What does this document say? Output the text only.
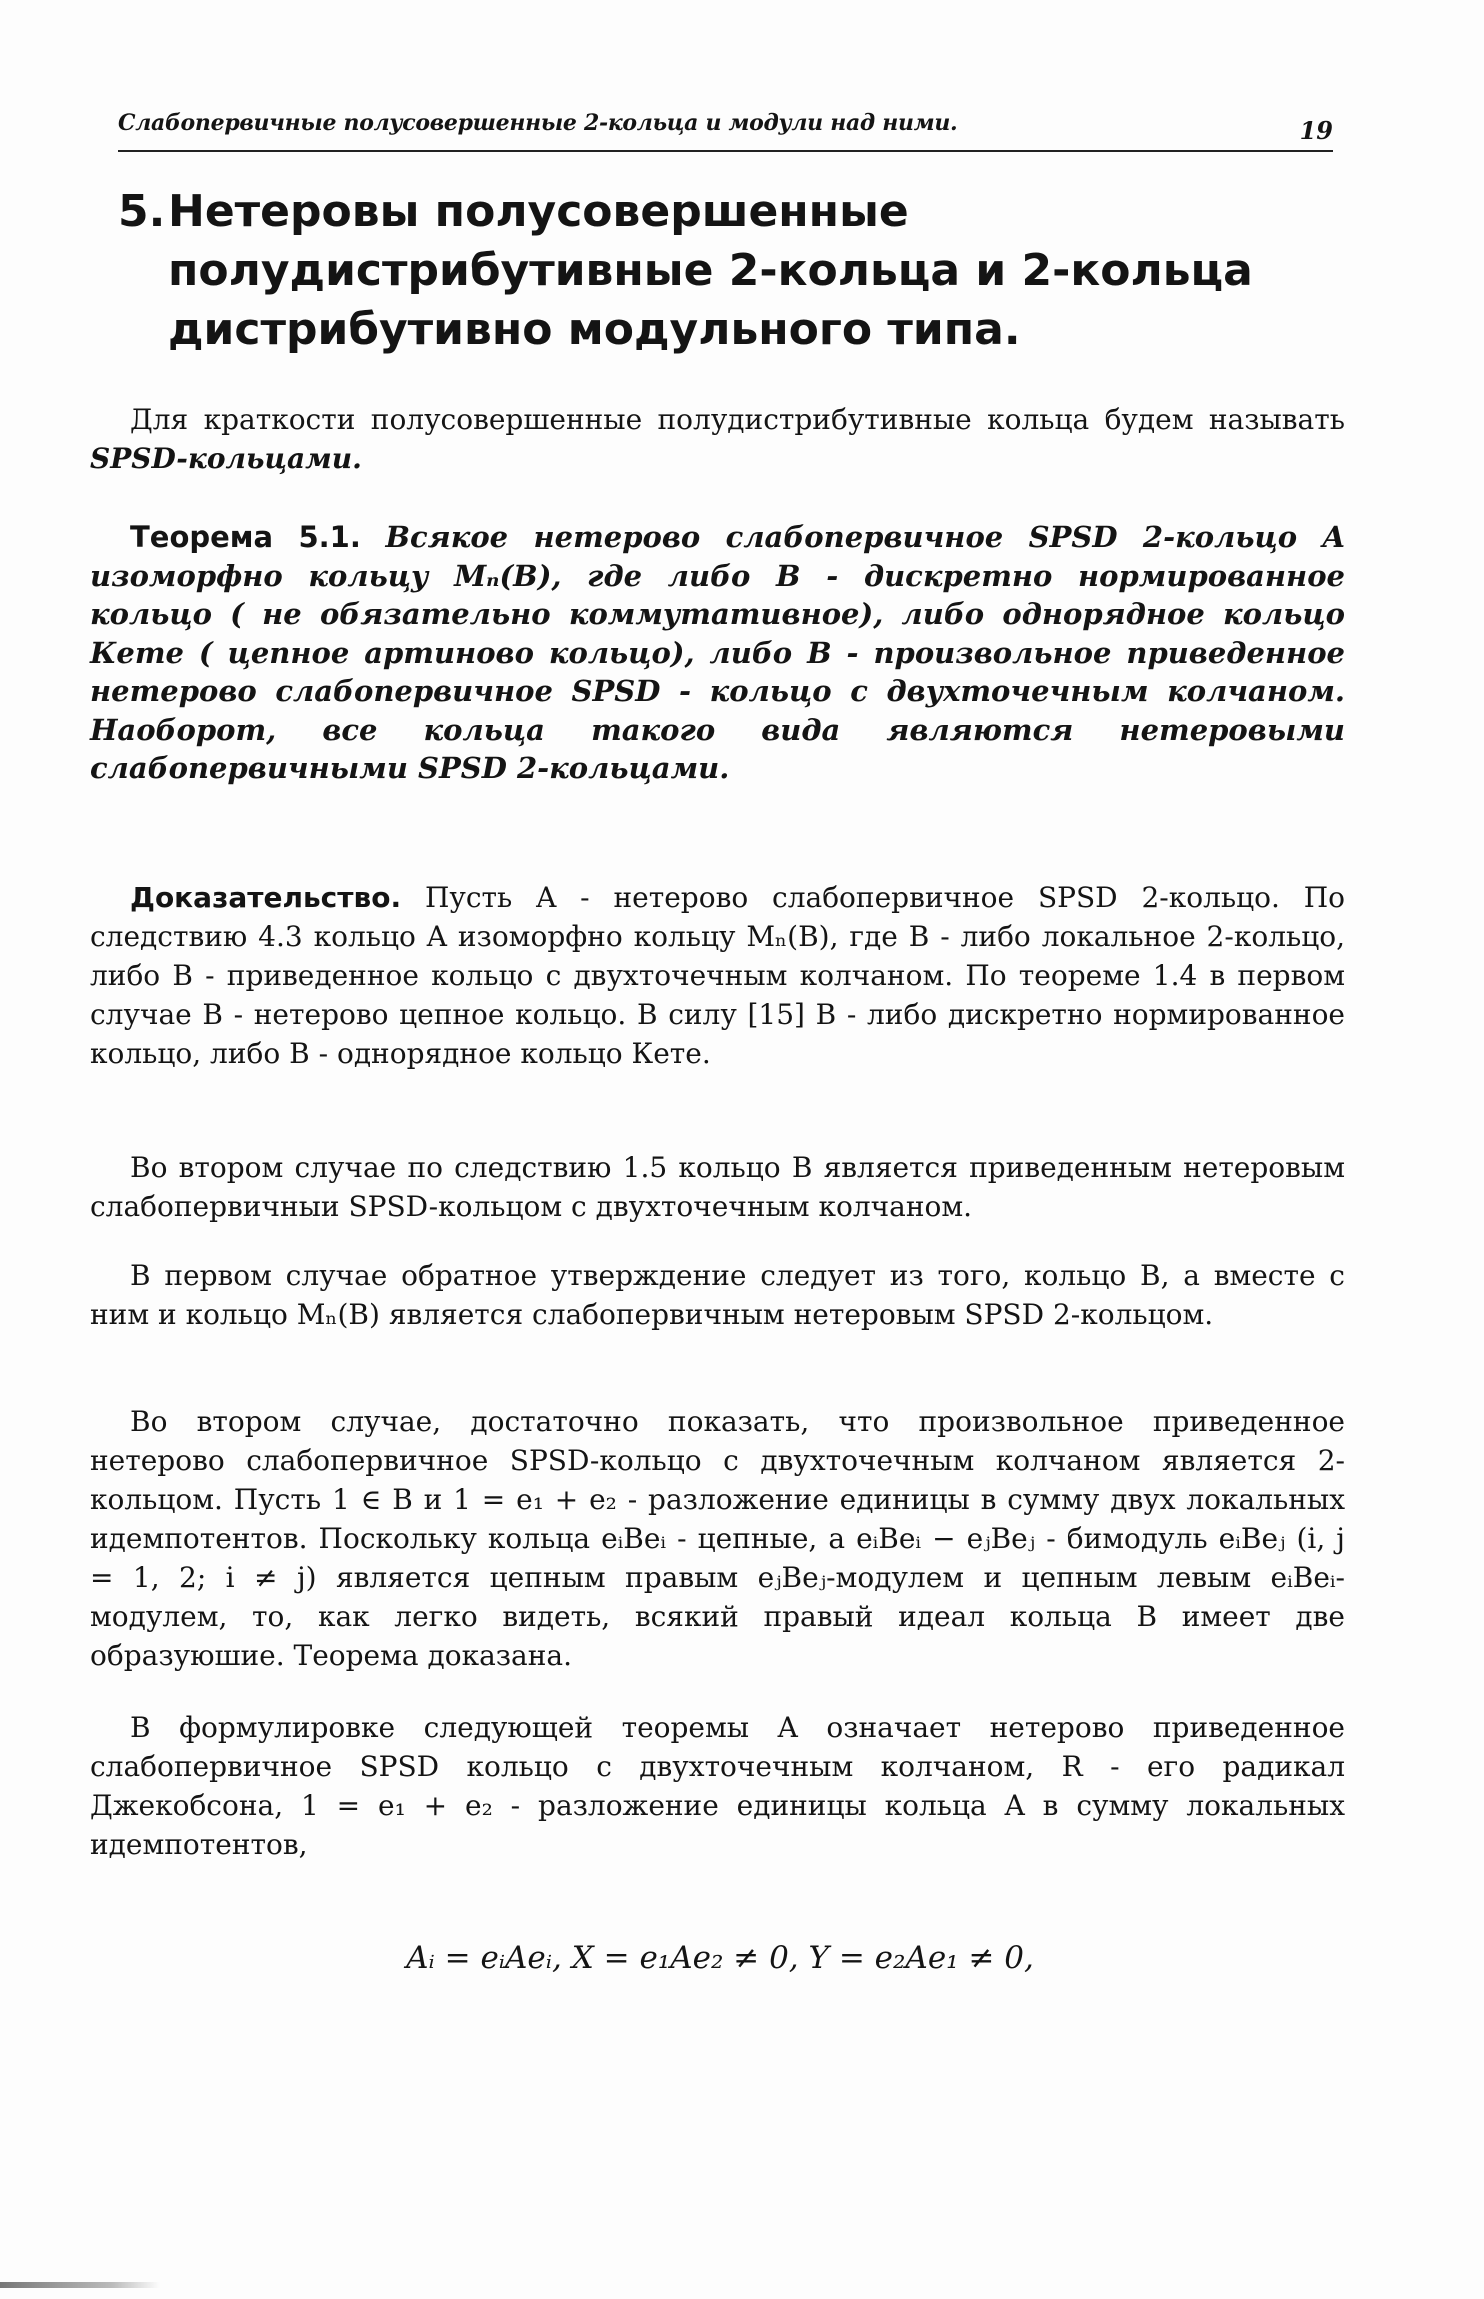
Слабопервичные полусовершенные 2-кольца и модули над ними.	19
5. Нетеровы полусовершенные полудистрибутивные 2-кольца и 2-кольца дистрибутивно модульного типа.

Для краткости полусовершенные полудистрибутивные кольца будем называть SPSD-кольцами.

Теорема 5.1. Всякое нетерово слабопервичное SPSD 2-кольцо A изоморфно кольцу Mₙ(B), где либо B - дискретно нормированное кольцо ( не обязательно коммутативное), либо однорядное кольцо Кете ( цепное артиново кольцо), либо B - произвольное приведенное нетерово слабопервичное SPSD - кольцо с двухточечным колчаном. Наоборот, все кольца такого вида являются нетеровыми слабопервичными SPSD 2-кольцами.

Доказательство. Пусть A - нетерово слабопервичное SPSD 2-кольцо. По следствию 4.3 кольцо A изоморфно кольцу Mₙ(B), где B - либо локальное 2-кольцо, либо B - приведенное кольцо с двухточечным колчаном. По теореме 1.4 в первом случае B - нетерово цепное кольцо. В силу [15] B - либо дискретно нормированное кольцо, либо B - однорядное кольцо Кете.

Во втором случае по следствию 1.5 кольцо B является приведенным нетеровым слабопервичныи SPSD-кольцом с двухточечным колчаном.

В первом случае обратное утверждение следует из того, кольцо B, а вместе с ним и кольцо Mₙ(B) является слабопервичным нетеровым SPSD 2-кольцом.

Во втором случае, достаточно показать, что произвольное приведенное нетерово слабопервичное SPSD-кольцо с двухточечным колчаном является 2-кольцом. Пусть 1 ∈ B и 1 = e₁ + e₂ - разложение единицы в сумму двух локальных идемпотентов. Поскольку кольца eᵢBeᵢ - цепные, а eᵢBeᵢ − eⱼBeⱼ - бимодуль eᵢBeⱼ (i, j = 1, 2; i ≠ j) является цепным правым eⱼBeⱼ-модулем и цепным левым eᵢBeᵢ-модулем, то, как легко видеть, всякий правый идеал кольца B имеет две образуюшие. Теорема доказана.

В формулировке следующей теоремы A означает нетерово приведенное слабопервичное SPSD кольцо с двухточечным колчаном, R - его радикал Джекобсона, 1 = e₁ + e₂ - разложение единицы кольца A в сумму локальных идемпотентов,

Aᵢ = eᵢAeᵢ, X = e₁Ae₂ ≠ 0, Y = e₂Ae₁ ≠ 0,
